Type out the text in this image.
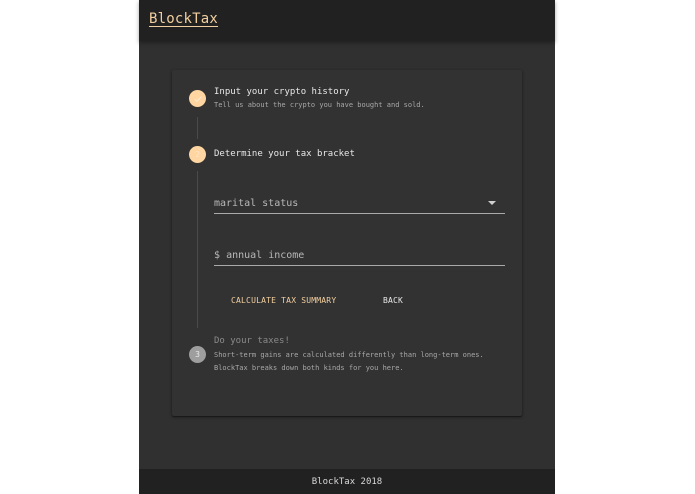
BlockTax
Input your crypto history
Tell us about the crypto you have bought and sold.
2 Determine your tax bracket
marital status
$ annual income
CALCULATE TAX SUMMARY	BACK
3
Do your taxes!
Short-term gains are calculated differently than long-term ones.
BlockTax breaks down both kinds for you here.
BlockTax 2018
